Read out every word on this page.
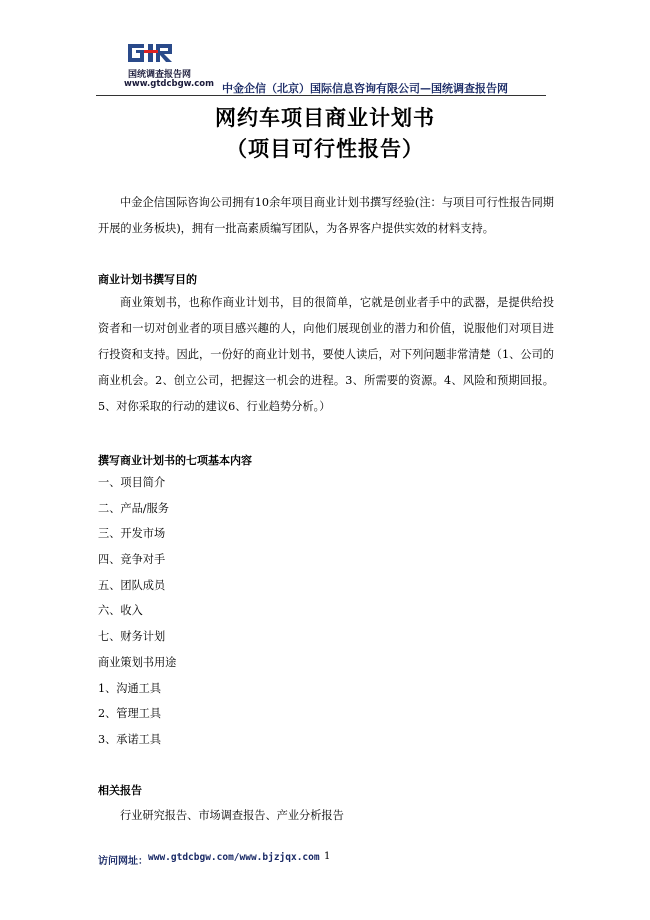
国统调查报告网
www.gtdcbgw.com 中金企信（北京）国际信息咨询有限公司—国统调查报告网
网约车项目商业计划书
（项目可行性报告）

中金企信国际咨询公司拥有10余年项目商业计划书撰写经验(注：与项目可行性报告同期开展的业务板块)，拥有一批高素质编写团队，为各界客户提供实效的材料支持。

商业计划书撰写目的

商业策划书，也称作商业计划书，目的很简单，它就是创业者手中的武器，是提供给投资者和一切对创业者的项目感兴趣的人，向他们展现创业的潜力和价值，说服他们对项目进行投资和支持。因此，一份好的商业计划书，要使人读后，对下列问题非常清楚（1、公司的商业机会。2、创立公司，把握这一机会的进程。3、所需要的资源。4、风险和预期回报。5、对你采取的行动的建议6、行业趋势分析。）

撰写商业计划书的七项基本内容
一、项目简介
二、产品/服务
三、开发市场
四、竞争对手
五、团队成员
六、收入
七、财务计划
商业策划书用途
1、沟通工具
2、管理工具
3、承诺工具
相关报告

行业研究报告、市场调查报告、产业分析报告

访问网址： www.gtdcbgw.com/www.bjzjqx.com 1
